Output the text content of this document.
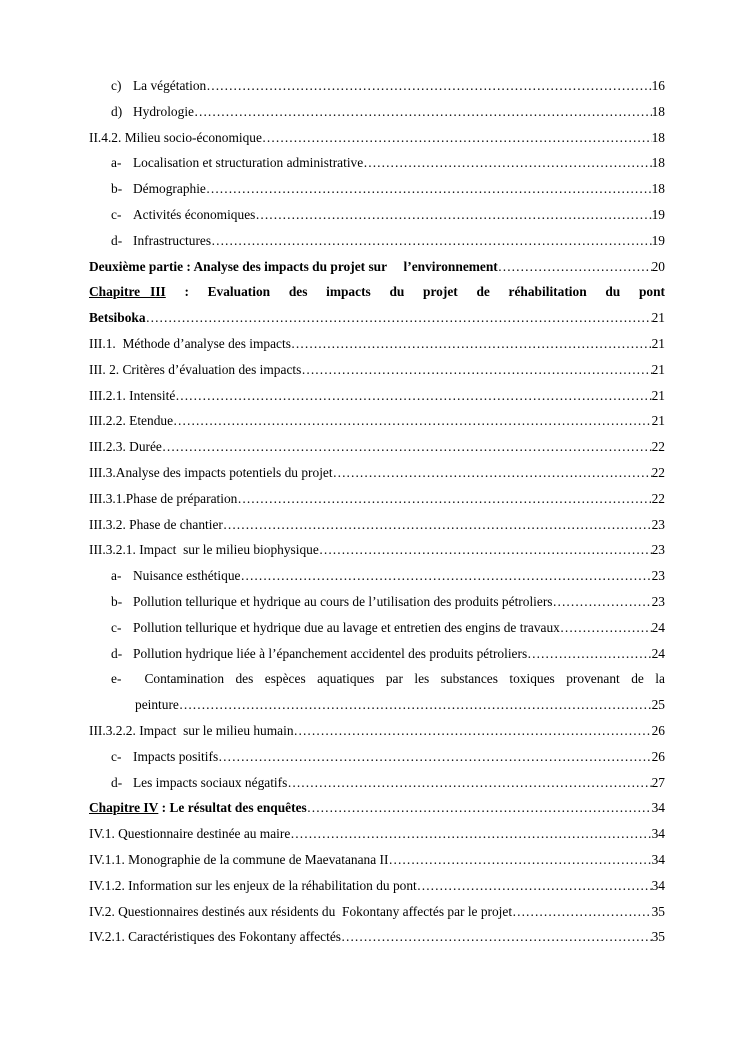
c) La végétation ……………………………………………………………………………………………………………………………………………………………………………………………………	16
d) Hydrologie ……………………………………………………………………………………………………………………………………………………………………………………………………	18
II.4.2. Milieu socio-économique ……………………………………………………………………………………………………………………………………………………………………………………………………	18
a- Localisation et structuration administrative ……………………………………………………………………………………………………………………………………………………………………………………………………	18
b- Démographie ……………………………………………………………………………………………………………………………………………………………………………………………………	18
c- Activités économiques ……………………………………………………………………………………………………………………………………………………………………………………………………	19
d- Infrastructures ……………………………………………………………………………………………………………………………………………………………………………………………………	19
Deuxième partie : Analyse des impacts du projet sur     l’environnement ……………………………………………………………………………………………………………………………………………………………………………………………………	20
Chapitre   III : Evaluation des impacts du projet de réhabilitation du pont
Betsiboka ……………………………………………………………………………………………………………………………………………………………………………………………………	21
III.1.  Méthode d’analyse des impacts ……………………………………………………………………………………………………………………………………………………………………………………………………	21
III. 2. Critères d’évaluation des impacts ……………………………………………………………………………………………………………………………………………………………………………………………………	21
III.2.1. Intensité ……………………………………………………………………………………………………………………………………………………………………………………………………	21
III.2.2. Etendue ……………………………………………………………………………………………………………………………………………………………………………………………………	21
III.2.3. Durée ……………………………………………………………………………………………………………………………………………………………………………………………………	22
III.3.Analyse des impacts potentiels du projet ……………………………………………………………………………………………………………………………………………………………………………………………………	22
III.3.1.Phase de préparation ……………………………………………………………………………………………………………………………………………………………………………………………………	22
III.3.2. Phase de chantier ……………………………………………………………………………………………………………………………………………………………………………………………………	23
III.3.2.1. Impact  sur le milieu biophysique ……………………………………………………………………………………………………………………………………………………………………………………………………	23
a- Nuisance esthétique ……………………………………………………………………………………………………………………………………………………………………………………………………	23
b- Pollution tellurique et hydrique au cours de l’utilisation des produits pétroliers ……………………………………………………………………………………………………………………………………………………………………………………………………	23
c- Pollution tellurique et hydrique due au lavage et entretien des engins de travaux ……………………………………………………………………………………………………………………………………………………………………………………………………	24
d- Pollution hydrique liée à l’épanchement accidentel des produits pétroliers ……………………………………………………………………………………………………………………………………………………………………………………………………	24
e-	Contamination des espèces aquatiques par les substances toxiques provenant de la
peinture ……………………………………………………………………………………………………………………………………………………………………………………………………	25
III.3.2.2. Impact  sur le milieu humain ……………………………………………………………………………………………………………………………………………………………………………………………………	26
c- Impacts positifs ……………………………………………………………………………………………………………………………………………………………………………………………………	26
d- Les impacts sociaux négatifs ……………………………………………………………………………………………………………………………………………………………………………………………………	27
Chapitre IV : Le résultat des enquêtes ……………………………………………………………………………………………………………………………………………………………………………………………………	34
IV.1. Questionnaire destinée au maire ……………………………………………………………………………………………………………………………………………………………………………………………………	34
IV.1.1. Monographie de la commune de Maevatanana II ……………………………………………………………………………………………………………………………………………………………………………………………………	34
IV.1.2. Information sur les enjeux de la réhabilitation du pont ……………………………………………………………………………………………………………………………………………………………………………………………………	34
IV.2. Questionnaires destinés aux résidents du  Fokontany affectés par le projet ……………………………………………………………………………………………………………………………………………………………………………………………………	35
IV.2.1. Caractéristiques des Fokontany affectés ……………………………………………………………………………………………………………………………………………………………………………………………………	35
